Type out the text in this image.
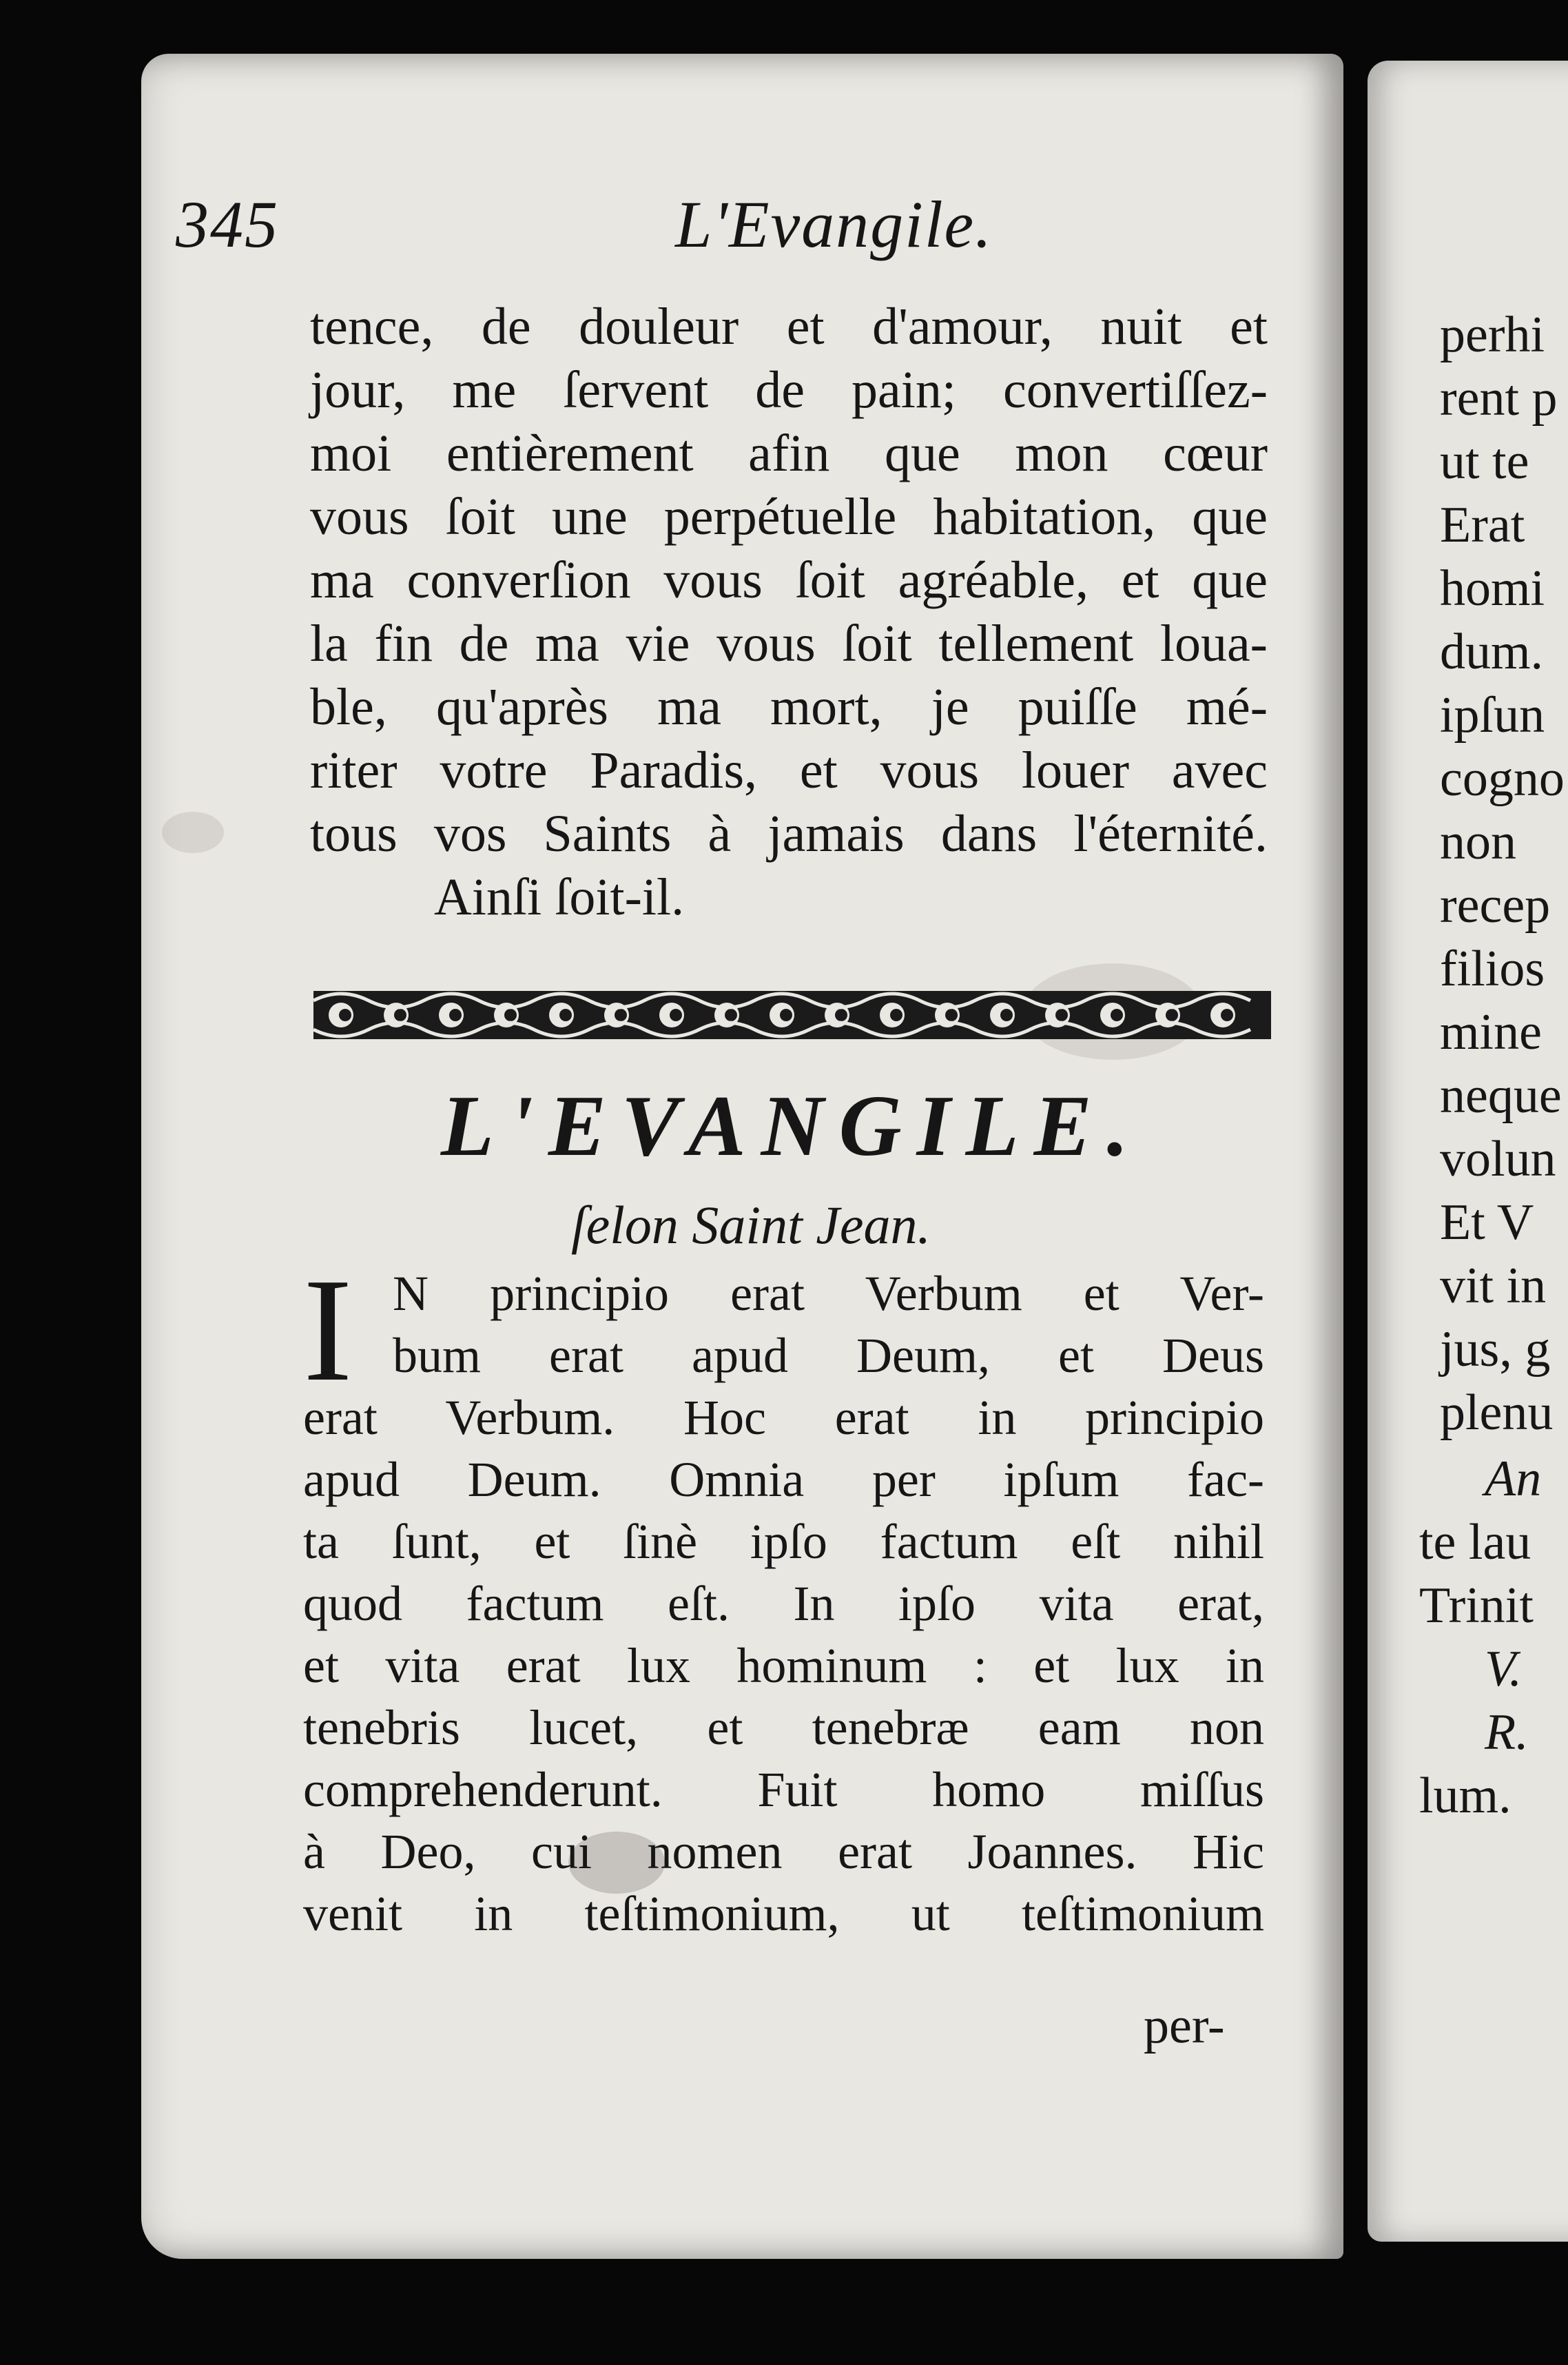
345	L'Evangile.
tence, de douleur et d'amour, nuit et
jour, me ſervent de pain; convertiſſez-
moi entièrement afin que mon cœur
vous ſoit une perpétuelle habitation, que
ma converſion vous ſoit agréable, et que
la fin de ma vie vous ſoit tellement loua-
ble, qu'après ma mort, je puiſſe mé-
riter votre Paradis, et vous louer avec
tous vos Saints à jamais dans l'éternité.
Ainſi ſoit-il.
L'EVANGILE.
ſelon Saint Jean.
I N principio erat Verbum et Ver-
bum erat apud Deum, et Deus
erat Verbum. Hoc erat in principio
apud Deum. Omnia per ipſum fac-
ta ſunt, et ſinè ipſo factum eſt nihil
quod factum eſt. In ipſo vita erat,
et vita erat lux hominum : et lux in
tenebris lucet, et tenebræ eam non
comprehenderunt. Fuit homo miſſus
à Deo, cui nomen erat Joannes. Hic
venit in teſtimonium, ut teſtimonium
per-
perhi
rent p
ut te
Erat
homi
dum.
ipſun
cogno
non
recep
filios
mine
neque
volun
Et V
vit in
jus, g
plenu
An
te lau
Trinit
V.
R.
lum.
